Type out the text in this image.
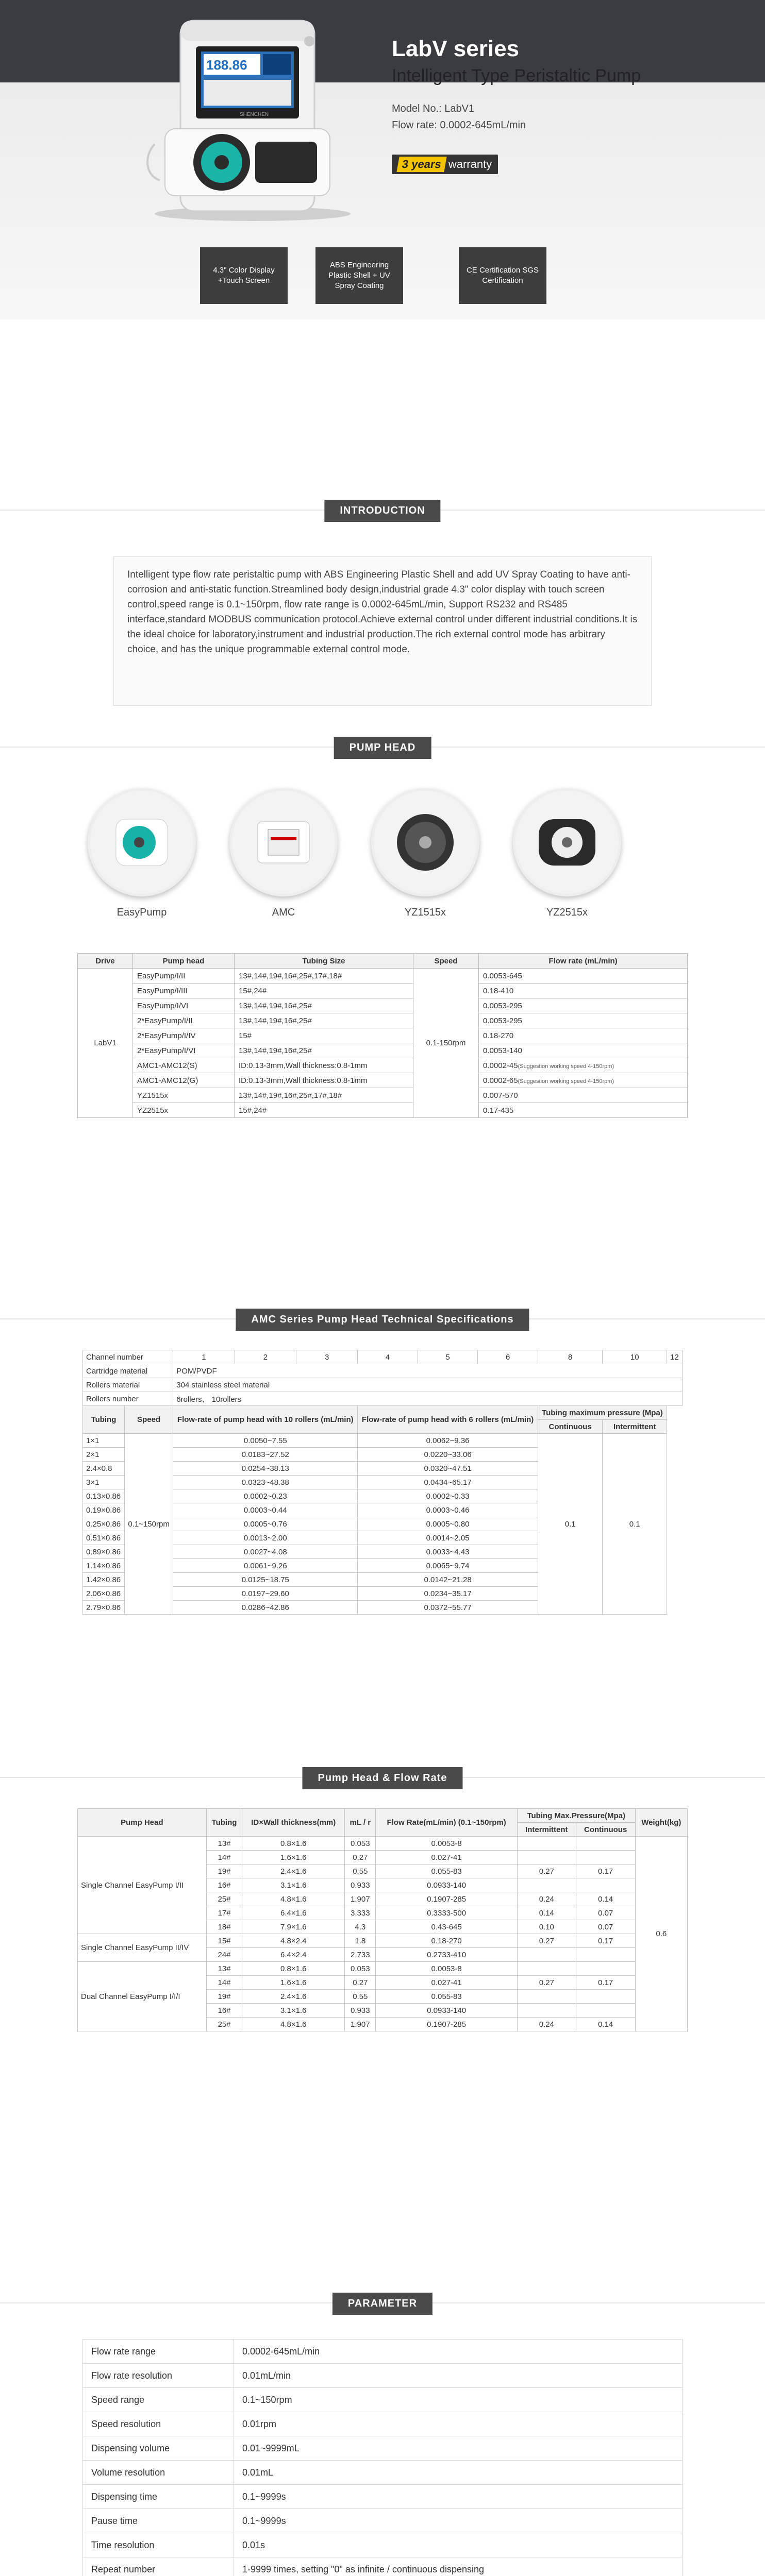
188.86
SHENCHEN
LabV series
Intelligent Type Peristaltic Pump
Model No.: LabV1
Flow rate: 0.0002-645mL/min
3 years warranty
4.3" Color Display +Touch Screen
ABS Engineering Plastic Shell + UV Spray Coating
CE Certification SGS Certification
INTRODUCTION
Intelligent type flow rate peristaltic pump with ABS Engineering Plastic Shell and add UV Spray Coating to have anti-corrosion and anti-static function.Streamlined body design,industrial grade 4.3" color display with touch screen control,speed range is 0.1~150rpm, flow rate range is 0.0002-645mL/min, Support RS232 and RS485 interface,standard MODBUS communication protocol.Achieve external control under different industrial conditions.It is the ideal choice for laboratory,instrument and industrial production.The rich external control mode has arbitrary choice, and has the unique programmable external control mode.
PUMP HEAD
EasyPump	AMC	YZ1515x	YZ2515x
Drive	Pump head	Tubing Size	Speed	Flow rate (mL/min)
LabV1	EasyPump/I/II	13#,14#,19#,16#,25#,17#,18#	0.1-150rpm	0.0053-645
	EasyPump/I/III	15#,24#		0.18-410
	EasyPump/I/VI	13#,14#,19#,16#,25#		0.0053-295
	2*EasyPump/I/II	13#,14#,19#,16#,25#		0.0053-295
	2*EasyPump/I/IV	15#		0.18-270
	2*EasyPump/I/VI	13#,14#,19#,16#,25#		0.0053-140
	AMC1-AMC12(S)	ID:0.13-3mm,Wall thickness:0.8-1mm		0.0002-45(Suggestion working speed 4-150rpm)
	AMC1-AMC12(G)	ID:0.13-3mm,Wall thickness:0.8-1mm		0.0002-65(Suggestion working speed 4-150rpm)
	YZ1515x	13#,14#,19#,16#,25#,17#,18#		0.007-570
	YZ2515x	15#,24#		0.17-435
AMC Series Pump Head Technical Specifications
Channel number		1	2	3	4	5	6	8	10	12
Cartridge material		POM/PVDF								
Rollers material		304 stainless steel material								
Rollers number		6rollers、 10rollers								
Tubing	Speed	Flow-rate of pump head with 10 rollers (mL/min)			Flow-rate of pump head with 6 rollers (mL/min)			Tubing maximum pressure (Mpa)		
								Continuous	Intermittent	
1×1	0.1~150rpm	0.0050~7.55			0.0062~9.36			0.1	0.1	
2×1		0.0183~27.52			0.0220~33.06					
2.4×0.8		0.0254~38.13			0.0320~47.51					
3×1		0.0323~48.38			0.0434~65.17					
0.13×0.86		0.0002~0.23			0.0002~0.33					
0.19×0.86		0.0003~0.44			0.0003~0.46					
0.25×0.86		0.0005~0.76			0.0005~0.80					
0.51×0.86		0.0013~2.00			0.0014~2.05					
0.89×0.86		0.0027~4.08			0.0033~4.43					
1.14×0.86		0.0061~9.26			0.0065~9.74					
1.42×0.86		0.0125~18.75			0.0142~21.28					
2.06×0.86		0.0197~29.60			0.0234~35.17					
2.79×0.86		0.0286~42.86			0.0372~55.77					
Pump Head & Flow Rate
Pump Head	Tubing	ID×Wall thickness(mm)	mL / r	Flow Rate(mL/min) (0.1~150rpm)	Tubing Max.Pressure(Mpa)		Weight(kg)
					Intermittent	Continuous	
Single Channel EasyPump I/II	13#	0.8×1.6	0.053	0.0053-8			0.6
	14#	1.6×1.6	0.27	0.027-41			
	19#	2.4×1.6	0.55	0.055-83	0.27	0.17	
	16#	3.1×1.6	0.933	0.0933-140			
	25#	4.8×1.6	1.907	0.1907-285	0.24	0.14	
	17#	6.4×1.6	3.333	0.3333-500	0.14	0.07	
	18#	7.9×1.6	4.3	0.43-645	0.10	0.07	
Single Channel EasyPump II/IV	15#	4.8×2.4	1.8	0.18-270	0.27	0.17	
	24#	6.4×2.4	2.733	0.2733-410			
Dual Channel EasyPump I/I/I	13#	0.8×1.6	0.053	0.0053-8			
	14#	1.6×1.6	0.27	0.027-41	0.27	0.17	
	19#	2.4×1.6	0.55	0.055-83			
	16#	3.1×1.6	0.933	0.0933-140			
	25#	4.8×1.6	1.907	0.1907-285	0.24	0.14	
PARAMETER
Flow rate range	0.0002-645mL/min
Flow rate resolution	0.01mL/min
Speed range	0.1~150rpm
Speed resolution	0.01rpm
Dispensing volume	0.01~9999mL
Volume resolution	0.01mL
Dispensing time	0.1~9999s
Pause time	0.1~9999s
Time resolution	0.01s
Repeat number	1-9999 times, setting "0" as infinite / continuous dispensing
